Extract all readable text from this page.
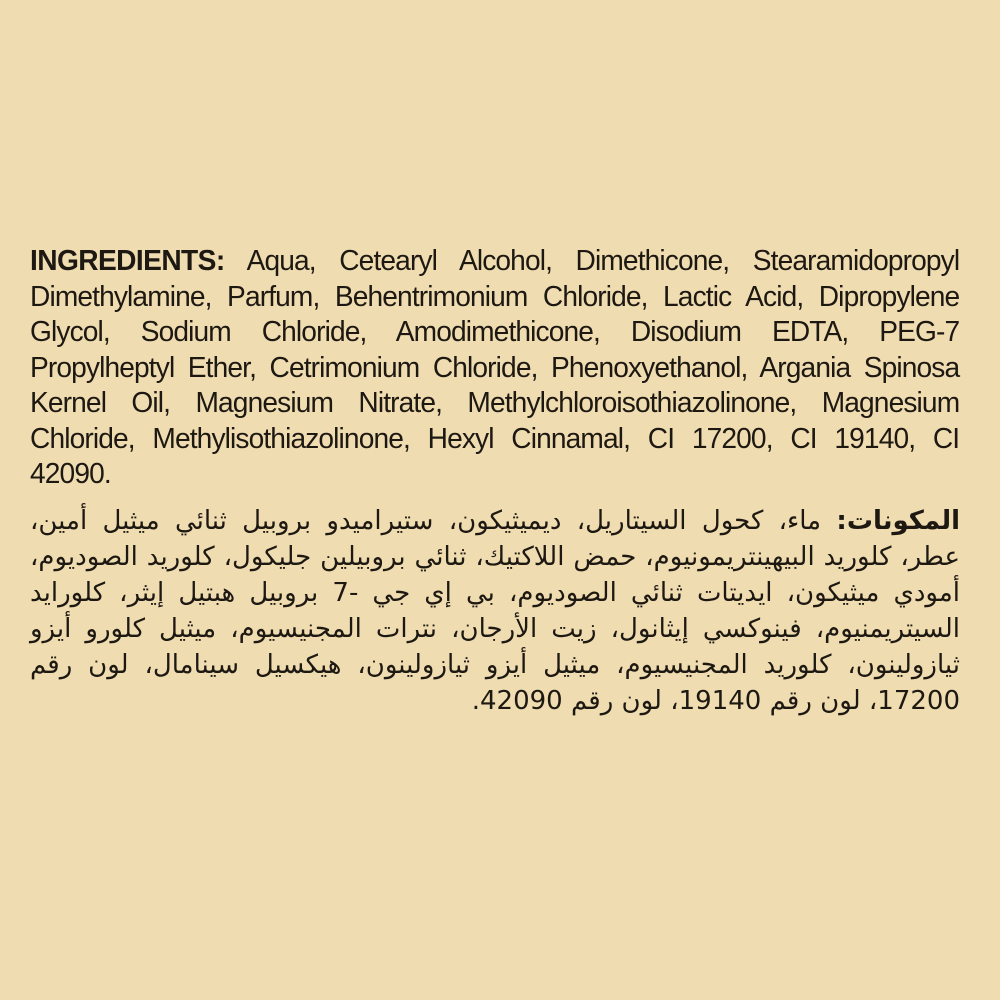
INGREDIENTS: Aqua, Cetearyl Alcohol, Dimethicone, Stearamidopropyl Dimethylamine, Parfum, Behentrimonium Chloride, Lactic Acid, Dipropylene Glycol, Sodium Chloride, Amodimethicone, Disodium EDTA, PEG-7 Propylheptyl Ether, Cetrimonium Chloride, Phenoxyethanol, Argania Spinosa Kernel Oil, Magnesium Nitrate, Methylchloroisothiazolinone, Magnesium Chloride, Methylisothiazolinone, Hexyl Cinnamal, CI 17200, CI 19140, CI 42090.

المكونات: ماء، كحول السيتاريل، ديميثيكون، ستيراميدو بروبيل ثنائي ميثيل أمين، عطر، كلوريد البيهينتريمونيوم، حمض اللاكتيك، ثنائي بروبيلين جليكول، كلوريد الصوديوم، أمودي ميثيكون، ايديتات ثنائي الصوديوم، بي إي جي -7 بروبيل هبتيل إيثر، كلورايد السيتريمنيوم، فينوكسي إيثانول، زيت الأرجان، نترات المجنيسيوم، ميثيل كلورو أيزو ثيازولينون، كلوريد المجنيسيوم، ميثيل أيزو ثيازولينون، هيكسيل سينامال، لون رقم 17200، لون رقم 19140، لون رقم 42090.
